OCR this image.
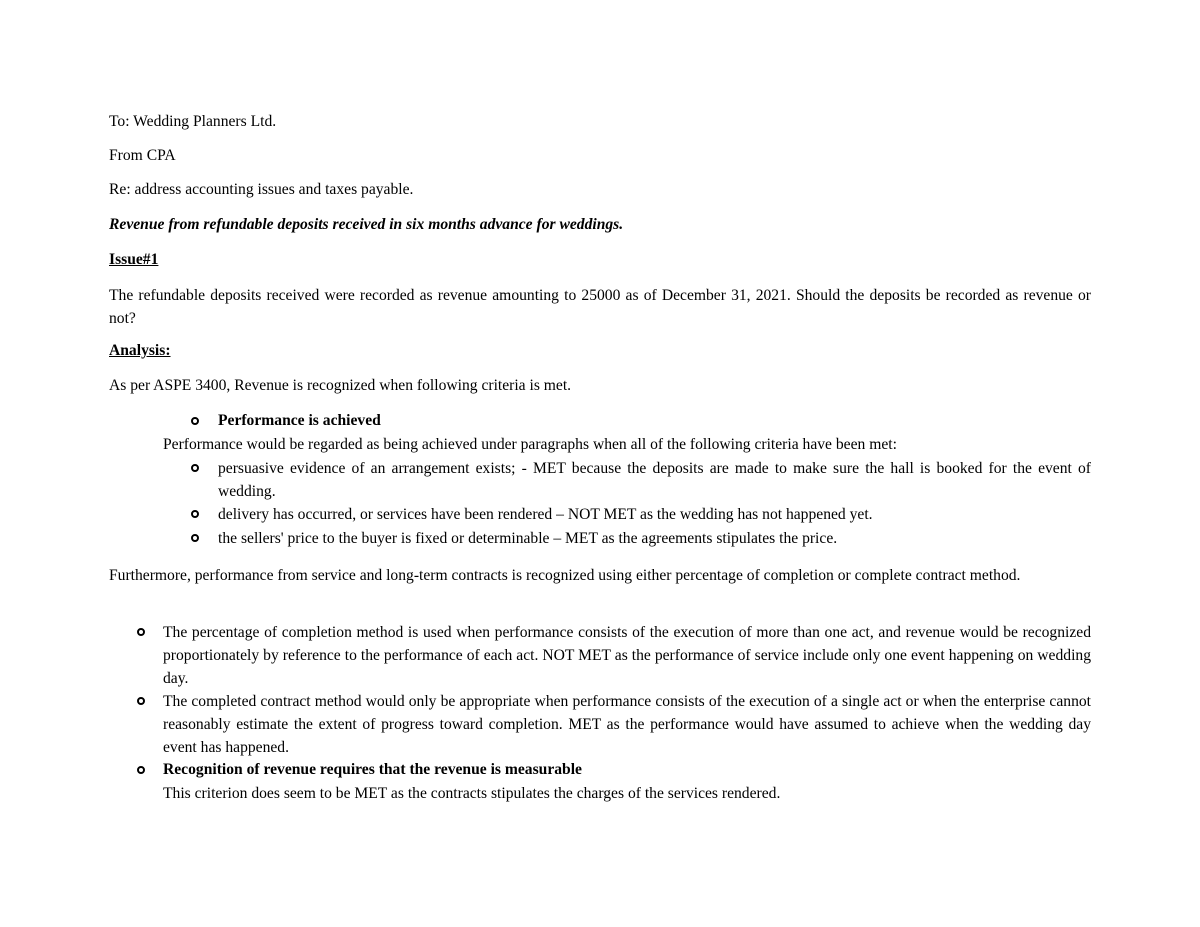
To: Wedding Planners Ltd.
From CPA
Re: address accounting issues and taxes payable.
Revenue from refundable deposits received in six months advance for weddings.
Issue#1
The refundable deposits received were recorded as revenue amounting to 25000 as of December 31, 2021. Should the deposits be recorded as revenue or not?
Analysis:
As per ASPE 3400, Revenue is recognized when following criteria is met.
Performance is achieved
Performance would be regarded as being achieved under paragraphs when all of the following criteria have been met:
persuasive evidence of an arrangement exists; - MET because the deposits are made to make sure the hall is booked for the event of wedding.
delivery has occurred, or services have been rendered – NOT MET as the wedding has not happened yet.
the sellers' price to the buyer is fixed or determinable – MET as the agreements stipulates the price.
Furthermore, performance from service and long-term contracts is recognized using either percentage of completion or complete contract method.
The percentage of completion method is used when performance consists of the execution of more than one act, and revenue would be recognized proportionately by reference to the performance of each act. NOT MET as the performance of service include only one event happening on wedding day.
The completed contract method would only be appropriate when performance consists of the execution of a single act or when the enterprise cannot reasonably estimate the extent of progress toward completion. MET as the performance would have assumed to achieve when the wedding day event has happened.
Recognition of revenue requires that the revenue is measurable
This criterion does seem to be MET as the contracts stipulates the charges of the services rendered.
